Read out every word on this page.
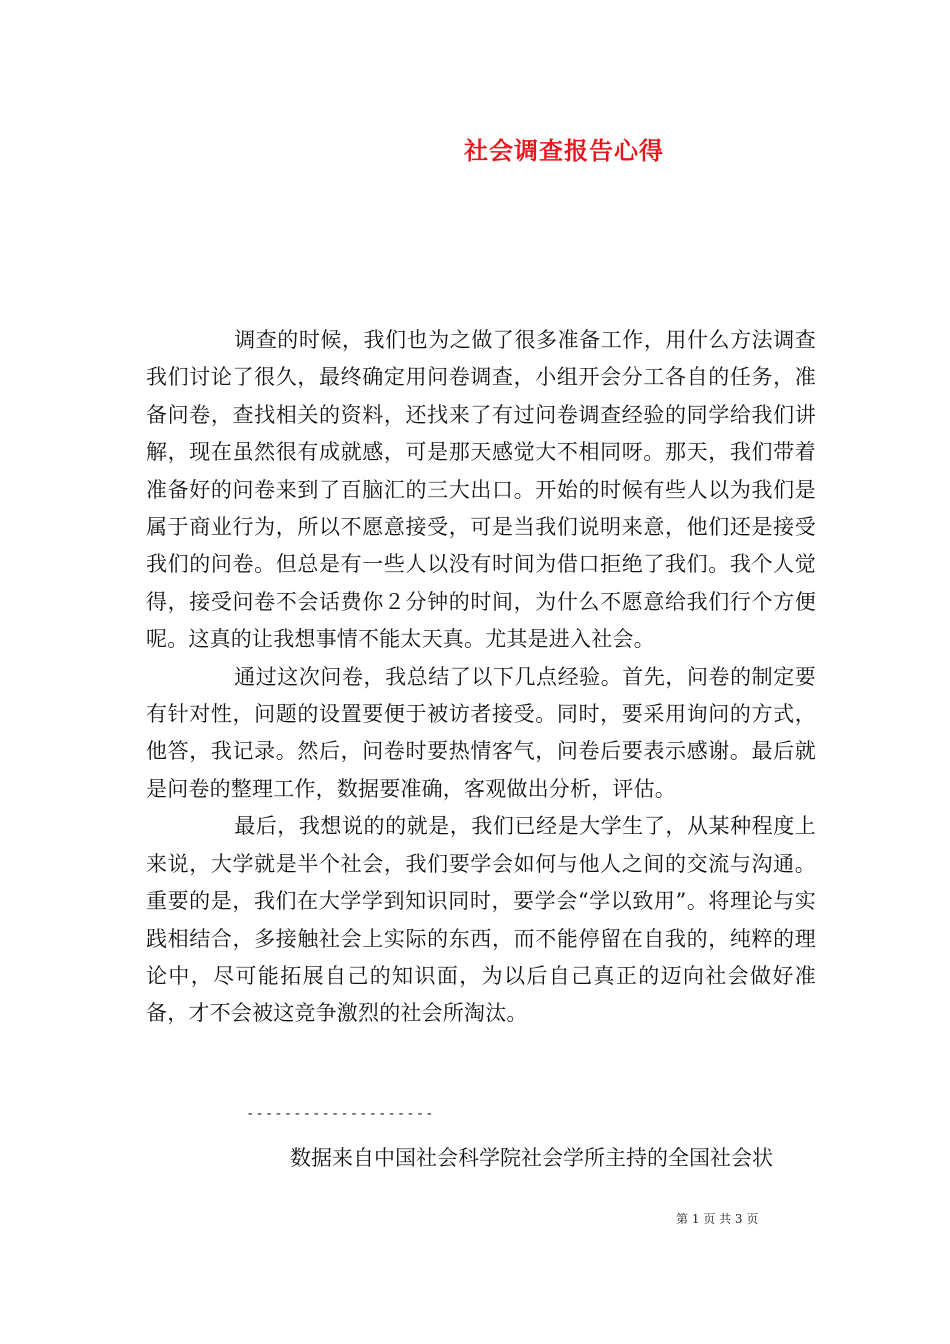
社会调查报告心得

调查的时候，我们也为之做了很多准备工作，用什么方法调查我们讨论了很久，最终确定用问卷调查，小组开会分工各自的任务，准备问卷，查找相关的资料，还找来了有过问卷调查经验的同学给我们讲解，现在虽然很有成就感，可是那天感觉大不相同呀。那天，我们带着准备好的问卷来到了百脑汇的三大出口。开始的时候有些人以为我们是属于商业行为，所以不愿意接受，可是当我们说明来意，他们还是接受我们的问卷。但总是有一些人以没有时间为借口拒绝了我们。我个人觉得，接受问卷不会话费你２分钟的时间，为什么不愿意给我们行个方便呢。这真的让我想事情不能太天真。尤其是进入社会。

通过这次问卷，我总结了以下几点经验。首先，问卷的制定要有针对性，问题的设置要便于被访者接受。同时，要采用询问的方式，他答，我记录。然后，问卷时要热情客气，问卷后要表示感谢。最后就是问卷的整理工作，数据要准确，客观做出分析，评估。

最后，我想说的的就是，我们已经是大学生了，从某种程度上来说，大学就是半个社会，我们要学会如何与他人之间的交流与沟通。重要的是，我们在大学学到知识同时，要学会“学以致用”。将理论与实践相结合，多接触社会上实际的东西，而不能停留在自我的，纯粹的理论中，尽可能拓展自己的知识面，为以后自己真正的迈向社会做好准备，才不会被这竞争激烈的社会所淘汰。

--------------------
数据来自中国社会科学院社会学所主持的全国社会状
第 1 页 共 3 页
